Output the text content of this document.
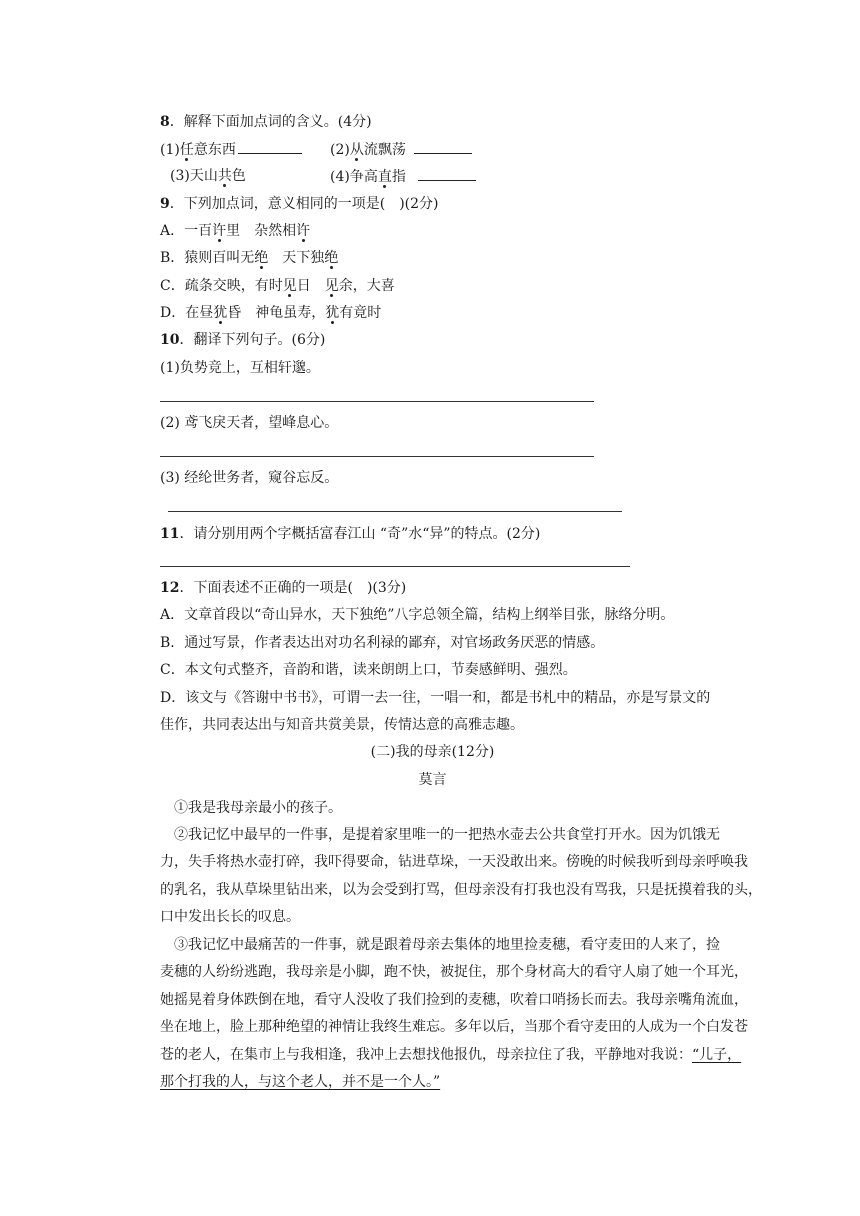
8．解释下面加点词的含义。(4分)
(1)任意东西	(2)从流飘荡
(3)天山共色	(4)争高直指
9．下列加点词，意义相同的一项是(　)(2分)
A．一百许里　杂然相许
B．猿则百叫无绝　天下独绝
C．疏条交映，有时见日　见余，大喜
D．在昼犹昏　神龟虽寿，犹有竟时
10．翻译下列句子。(6分)
(1)负势竞上，互相轩邈。
(2) 鸢飞戾天者，望峰息心。
(3) 经纶世务者，窥谷忘反。
11．请分别用两个字概括富春江山 “奇”水“异”的特点。(2分)
12．下面表述不正确的一项是(　)(3分)
A．文章首段以“奇山异水，天下独绝”八字总领全篇，结构上纲举目张，脉络分明。
B．通过写景，作者表达出对功名利禄的鄙弃，对官场政务厌恶的情感。
C．本文句式整齐，音韵和谐，读来朗朗上口，节奏感鲜明、强烈。
D．该文与《答谢中书书》，可谓一去一往，一唱一和，都是书札中的精品，亦是写景文的
佳作，共同表达出与知音共赏美景，传情达意的高雅志趣。
(二)我的母亲(12分)
莫言
①我是我母亲最小的孩子。
②我记忆中最早的一件事，是提着家里唯一的一把热水壶去公共食堂打开水。因为饥饿无
力，失手将热水壶打碎，我吓得要命，钻进草垛，一天没敢出来。傍晚的时候我听到母亲呼唤我
的乳名，我从草垛里钻出来，以为会受到打骂，但母亲没有打我也没有骂我，只是抚摸着我的头，
口中发出长长的叹息。
③我记忆中最痛苦的一件事，就是跟着母亲去集体的地里捡麦穗，看守麦田的人来了，捡
麦穗的人纷纷逃跑，我母亲是小脚，跑不快，被捉住，那个身材高大的看守人扇了她一个耳光，
她摇晃着身体跌倒在地，看守人没收了我们捡到的麦穗，吹着口哨扬长而去。我母亲嘴角流血，
坐在地上，脸上那种绝望的神情让我终生难忘。多年以后，当那个看守麦田的人成为一个白发苍
苍的老人，在集市上与我相逢，我冲上去想找他报仇，母亲拉住了我，平静地对我说：“儿子，
那个打我的人，与这个老人，并不是一个人。”
